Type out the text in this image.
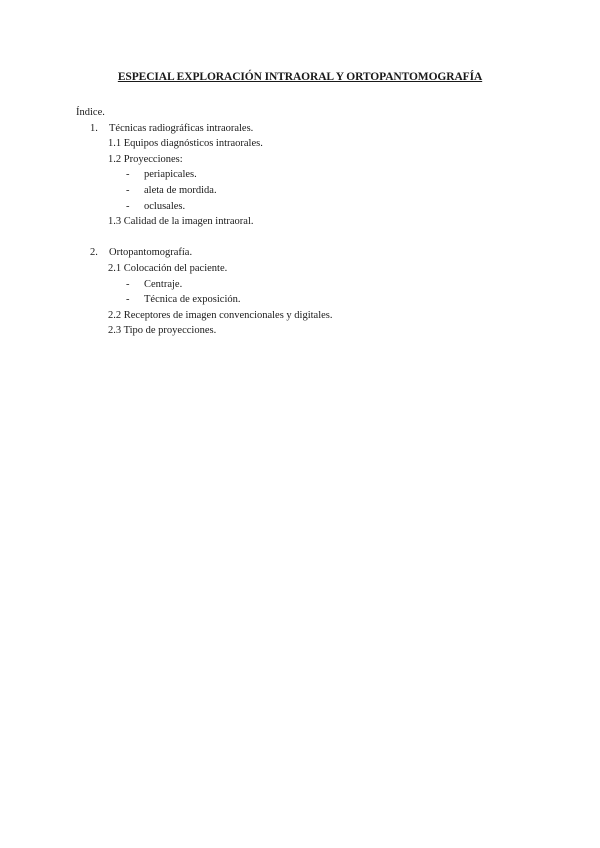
ESPECIAL EXPLORACIÓN INTRAORAL Y ORTOPANTOMOGRAFÍA
Índice.
1. Técnicas radiográficas intraorales.
1.1 Equipos diagnósticos intraorales.
1.2 Proyecciones:
- periapicales.
- aleta de mordida.
- oclusales.
1.3 Calidad de la imagen intraoral.
2. Ortopantomografía.
2.1 Colocación del paciente.
- Centraje.
- Técnica de exposición.
2.2 Receptores de imagen convencionales y digitales.
2.3 Tipo de proyecciones.
